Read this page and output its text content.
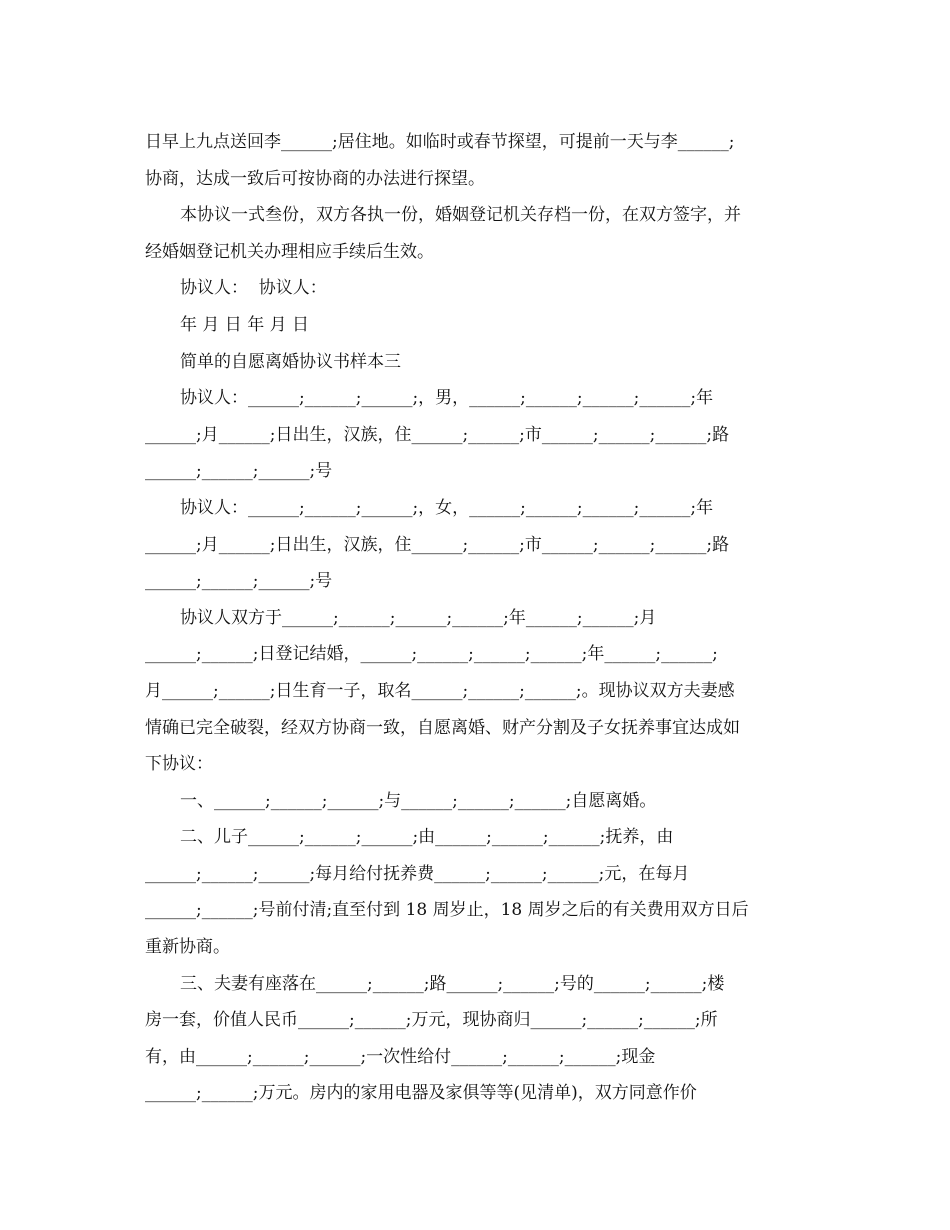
日早上九点送回李______;居住地。如临时或春节探望，可提前一天与李______;
协商，达成一致后可按协商的办法进行探望。
本协议一式叁份，双方各执一份，婚姻登记机关存档一份，在双方签字，并
经婚姻登记机关办理相应手续后生效。
协议人：  协议人：
年 月 日 年 月 日
简单的自愿离婚协议书样本三
协议人：______;______;______;，男，______;______;______;______;年
______;月______;日出生，汉族，住______;______;市______;______;______;路
______;______;______;号
协议人：______;______;______;，女，______;______;______;______;年
______;月______;日出生，汉族，住______;______;市______;______;______;路
______;______;______;号
协议人双方于______;______;______;______;年______;______;月
______;______;日登记结婚，______;______;______;______;年______;______;
月______;______;日生育一子，取名______;______;______;。现协议双方夫妻感
情确已完全破裂，经双方协商一致，自愿离婚、财产分割及子女抚养事宜达成如
下协议：
一、______;______;______;与______;______;______;自愿离婚。
二、儿子______;______;______;由______;______;______;抚养，由
______;______;______;每月给付抚养费______;______;______;元，在每月
______;______;号前付清;直至付到 18 周岁止，18 周岁之后的有关费用双方日后
重新协商。
三、夫妻有座落在______;______;路______;______;号的______;______;楼
房一套，价值人民币______;______;万元，现协商归______;______;______;所
有，由______;______;______;一次性给付______;______;______;现金
______;______;万元。房内的家用电器及家俱等等(见清单)，双方同意作价
